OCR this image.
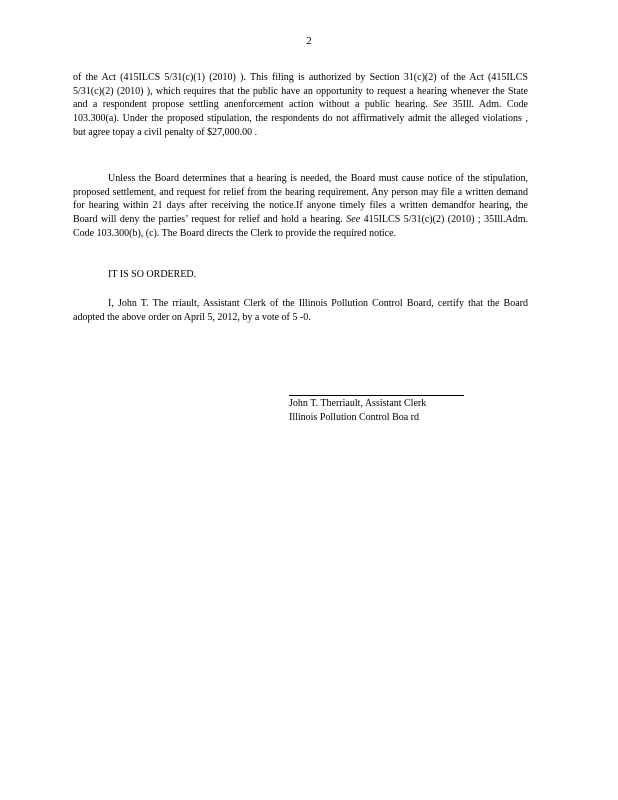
2

of the Act (415ILCS 5/31(c)(1) (2010) ). This filing is authorized by Section 31(c)(2) of the Act (415ILCS 5/31(c)(2) (2010) ), which requires that the public have an opportunity to request a hearing whenever the State and a respondent propose settling anenforcement action without a public hearing. See 35Ill. Adm. Code 103.300(a). Under the proposed stipulation, the respondents do not affirmatively admit the alleged violations , but agree topay a civil penalty of $27,000.00 .

Unless the Board determines that a hearing is needed, the Board must cause notice of the stipulation, proposed settlement, and request for relief from the hearing requirement. Any person may file a written demand for hearing within 21 days after receiving the notice.If anyone timely files a written demandfor hearing, the Board will deny the parties’ request for relief and hold a hearing. See 415ILCS 5/31(c)(2) (2010) ; 35Ill.Adm. Code 103.300(b), (c). The Board directs the Clerk to provide the required notice.

IT IS SO ORDERED.

I, John T. The rriault, Assistant Clerk of the Illinois Pollution Control Board, certify that the Board adopted the above order on April 5, 2012, by a vote of 5 -0.

John T. Therriault, Assistant Clerk
Illinois Pollution Control Boa rd
